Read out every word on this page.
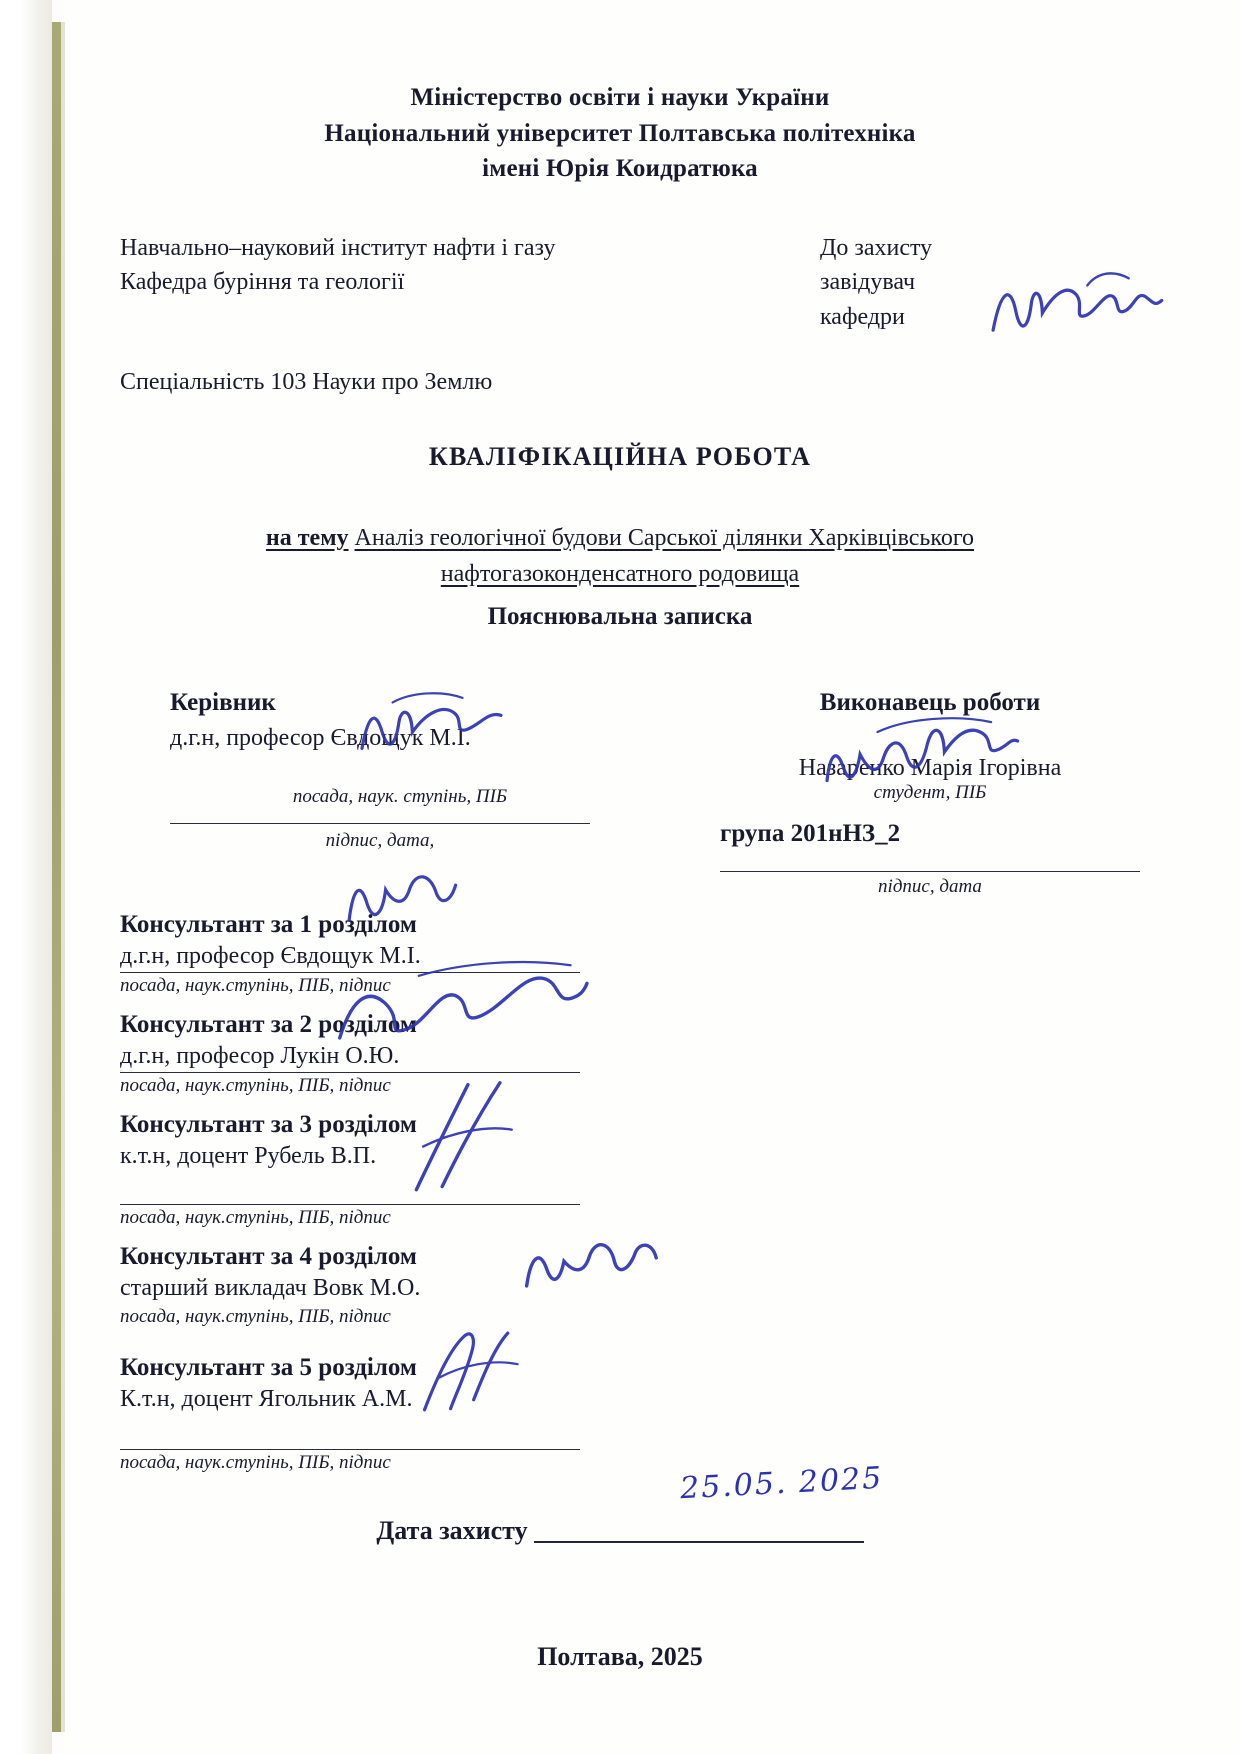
Міністерство освіти і науки України
Національний університет Полтавська політехніка
імені Юрія Коидратюка
Навчально–науковий інститут нафти і газу
Кафедра буріння та геології
До захисту
завідувач
кафедри
Спеціальність 103 Науки про Землю
КВАЛІФІКАЦІЙНА РОБОТА
на тему Аналіз геологічної будови Сарської ділянки Харківцівського
нафтогазоконденсатного родовища
Пояснювальна записка
Керівник
д.г.н, професор Євдощук М.І.
посада, наук. ступінь, ПІБ
підпис, дата,
Виконавець роботи
Назаренко Марія Ігорівна
студент, ПІБ
група 201нНЗ_2
підпис, дата
Консультант за 1 розділом
д.г.н, професор Євдощук М.І.
посада, наук.ступінь, ПІБ, підпис
Консультант за 2 розділом
д.г.н, професор Лукін О.Ю.
посада, наук.ступінь, ПІБ, підпис
Консультант за 3 розділом
к.т.н, доцент Рубель В.П.
посада, наук.ступінь, ПІБ, підпис
Консультант за 4 розділом
старший викладач Вовк М.О.
посада, наук.ступінь, ПІБ, підпис
Консультант за 5 розділом
К.т.н, доцент Ягольник А.М.
посада, наук.ступінь, ПІБ, підпис
Дата захисту
Полтава, 2025
25.05. 2025
